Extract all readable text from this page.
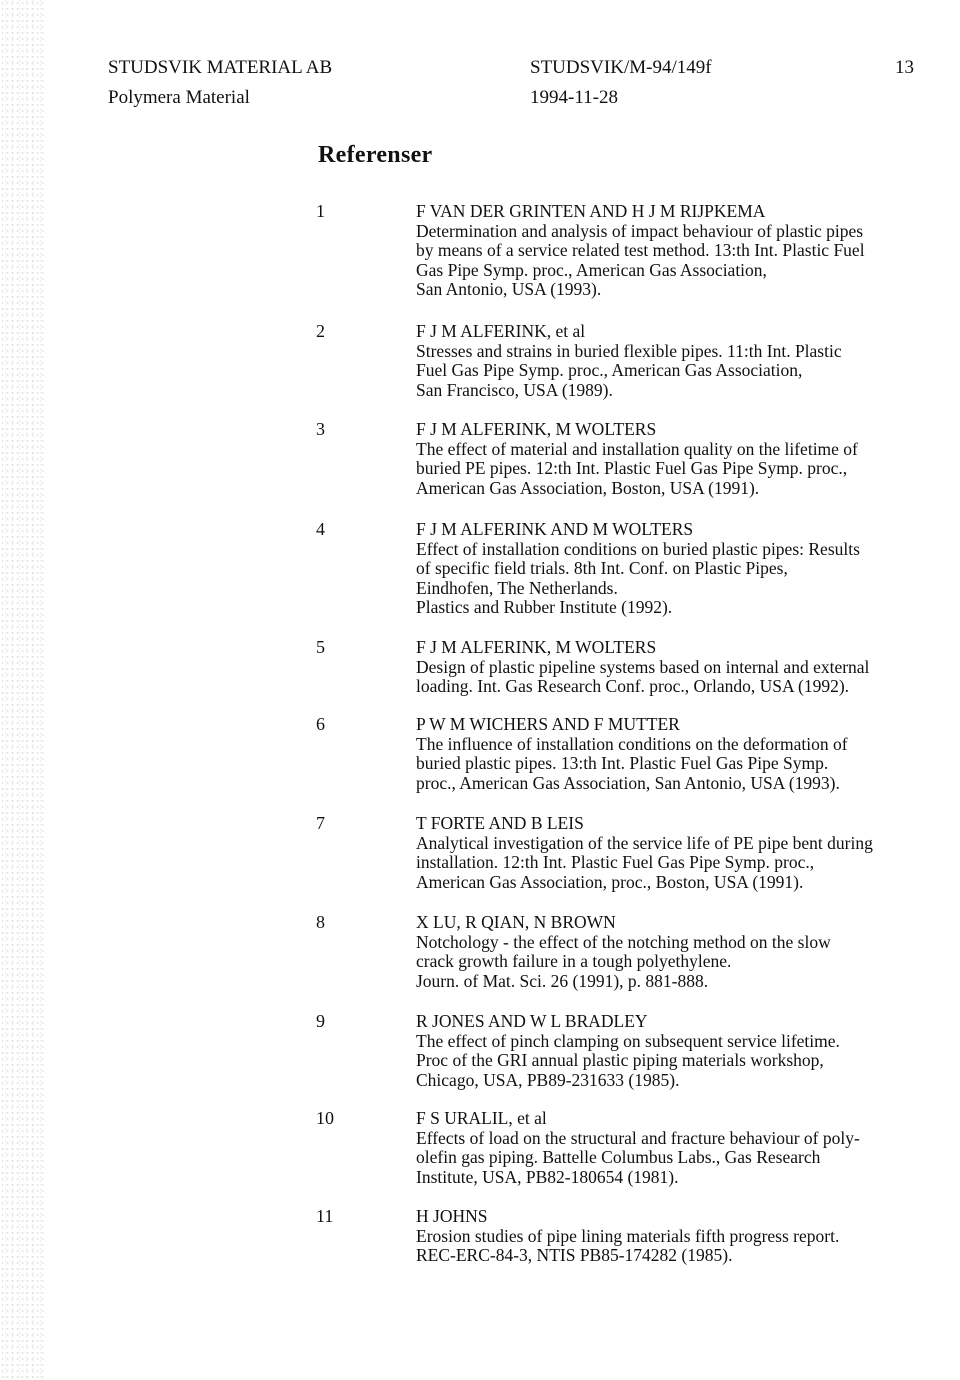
STUDSVIK MATERIAL AB
Polymera Material
STUDSVIK/M-94/149f
1994-11-28
13
Referenser
1	F VAN DER GRINTEN AND H J M RIJPKEMA
Determination and analysis of impact behaviour of plastic pipes
by means of a service related test method. 13:th Int. Plastic Fuel
Gas Pipe Symp. proc., American Gas Association,
San Antonio, USA (1993).
2	F J M ALFERINK, et al
Stresses and strains in buried flexible pipes. 11:th Int. Plastic
Fuel Gas Pipe Symp. proc., American Gas Association,
San Francisco, USA (1989).
3	F J M ALFERINK, M WOLTERS
The effect of material and installation quality on the lifetime of
buried PE pipes. 12:th Int. Plastic Fuel Gas Pipe Symp. proc.,
American Gas Association, Boston, USA (1991).
4	F J M ALFERINK AND M WOLTERS
Effect of installation conditions on buried plastic pipes: Results
of specific field trials. 8th Int. Conf. on Plastic Pipes,
Eindhofen, The Netherlands.
Plastics and Rubber Institute (1992).
5	F J M ALFERINK, M WOLTERS
Design of plastic pipeline systems based on internal and external
loading. Int. Gas Research Conf. proc., Orlando, USA (1992).
6	P W M WICHERS AND F MUTTER
The influence of installation conditions on the deformation of
buried plastic pipes. 13:th Int. Plastic Fuel Gas Pipe Symp.
proc., American Gas Association, San Antonio, USA (1993).
7	T FORTE AND B LEIS
Analytical investigation of the service life of PE pipe bent during
installation. 12:th Int. Plastic Fuel Gas Pipe Symp. proc.,
American Gas Association, proc., Boston, USA (1991).
8	X LU, R QIAN, N BROWN
Notchology - the effect of the notching method on the slow
crack growth failure in a tough polyethylene.
Journ. of Mat. Sci. 26 (1991), p. 881-888.
9	R JONES AND W L BRADLEY
The effect of pinch clamping on subsequent service lifetime.
Proc of the GRI annual plastic piping materials workshop,
Chicago, USA, PB89-231633 (1985).
10	F S URALIL, et al
Effects of load on the structural and fracture behaviour of poly-
olefin gas piping. Battelle Columbus Labs., Gas Research
Institute, USA, PB82-180654 (1981).
11	H JOHNS
Erosion studies of pipe lining materials fifth progress report.
REC-ERC-84-3, NTIS PB85-174282 (1985).
